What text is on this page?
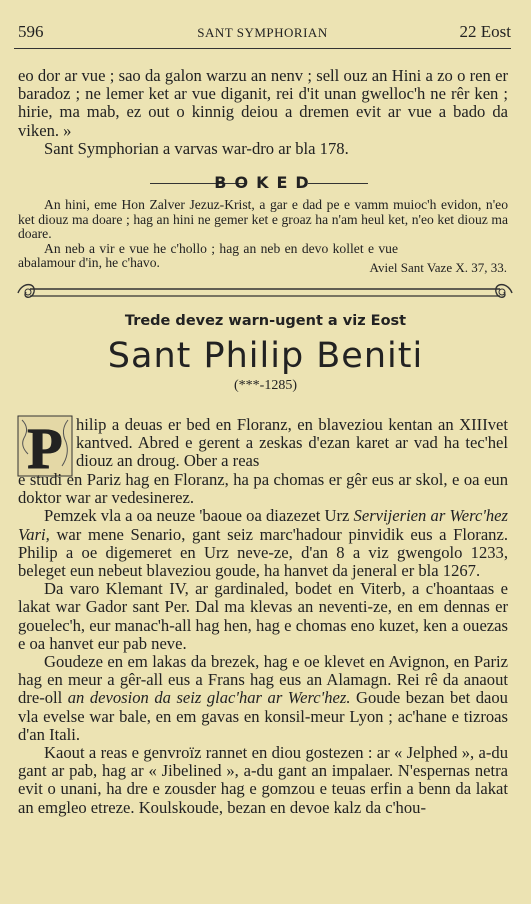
596	SANT SYMPHORIAN	22 Eost

eo dor ar vue ; sao da galon warzu an nenv ; sell ouz an Hini a zo o ren er baradoz ; ne lemer ket ar vue diganit, rei d'it unan gwelloc'h ne rêr ken ; hirie, ma mab, ez out o kinnig deiou a dremen evit ar vue a bado da viken. »

Sant Symphorian a varvas war-dro ar bla 178.

BOKED

An hini, eme Hon Zalver Jezuz-Krist, a gar e dad pe e vamm muioc'h evidon, n'eo ket diouz ma doare ; hag an hini ne gemer ket e groaz ha n'am heul ket, n'eo ket diouz ma doare.

An neb a vir e vue he c'hollo ; hag an neb en devo kollet e vue abalamour d'in, he c'havo.	Aviel Sant Vaze X. 37, 33.
Trede devez warn-ugent a viz Eost
Sant Philip Beniti
(***-1285)
P hilip a deuas er bed en Floranz, en blaveziou kentan an XIIIvet kantved. Abred e gerent a zeskas d'ezan karet ar vad ha tec'hel diouz an droug. Ober a reas

e studi en Pariz hag en Floranz, ha pa chomas er gêr eus ar skol, e oa eun doktor war ar vedesinerez.

Pemzek vla a oa neuze 'baoue oa diazezet Urz Servijerien ar Werc'hez Vari, war mene Senario, gant seiz marc'hadour pinvidik eus a Floranz. Philip a oe digemeret en Urz neve-ze, d'an 8 a viz gwengolo 1233, beleget eun nebeut blaveziou goude, ha hanvet da jeneral er bla 1267.

Da varo Klemant IV, ar gardinaled, bodet en Viterb, a c'hoantaas e lakat war Gador sant Per. Dal ma klevas an neventi-ze, en em dennas er gouelec'h, eur manac'h-all hag hen, hag e chomas eno kuzet, ken a ouezas e oa hanvet eur pab neve.

Goudeze en em lakas da brezek, hag e oe klevet en Avignon, en Pariz hag en meur a gêr-all eus a Frans hag eus an Alamagn. Rei rê da anaout dre-oll an devosion da seiz glac'har ar Werc'hez. Goude bezan bet daou vla evelse war bale, en em gavas en konsil-meur Lyon ; ac'hane e tizroas d'an Itali.

Kaout a reas e genvroïz rannet en diou gostezen : ar « Jelphed », a-du gant ar pab, hag ar « Jibelined », a-du gant an impalaer. N'espernas netra evit o unani, ha dre e zousder hag e gomzou e teuas erfin a benn da lakat an emgleo etreze. Koulskoude, bezan en devoe kalz da c'hou-
